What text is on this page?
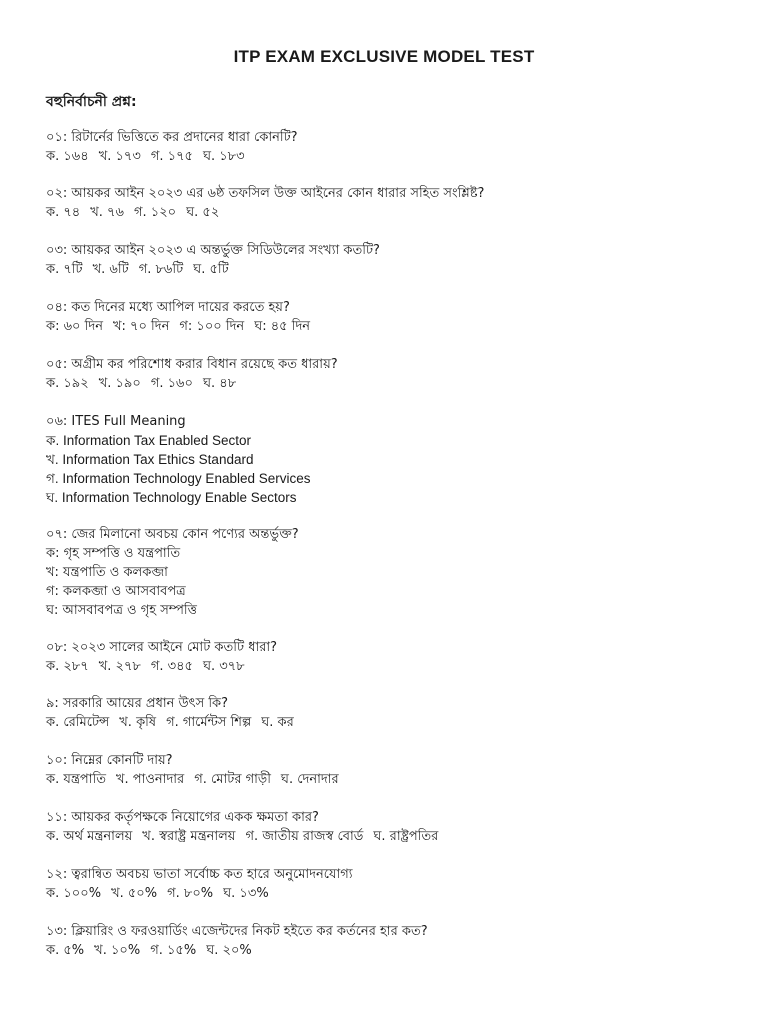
ITP EXAM EXCLUSIVE MODEL TEST
বহুনির্বাচনী প্রশ্ন:
০১: রিটার্নের ভিত্তিতে কর প্রদানের ধারা কোনটি?
ক. ১৬৪ খ. ১৭৩ গ. ১৭৫ ঘ. ১৮৩
০২: আয়কর আইন ২০২৩ এর ৬ষ্ঠ তফসিল উক্ত আইনের কোন ধারার সহিত সংশ্লিষ্ট?
ক. ৭৪ খ. ৭৬ গ. ১২০ ঘ. ৫২
০৩: আয়কর আইন ২০২৩ এ অন্তর্ভুক্ত সিডিউলের সংখ্যা কতটি?
ক. ৭টি খ. ৬টি গ. ৮৬টি ঘ. ৫টি
০৪: কত দিনের মধ্যে আপিল দায়ের করতে হয়?
ক: ৬০ দিন খ: ৭০ দিন গ: ১০০ দিন ঘ: ৪৫ দিন
০৫: অগ্রীম কর পরিশোধ করার বিধান রয়েছে কত ধারায়?
ক. ১৯২ খ. ১৯০ গ. ১৬০ ঘ. ৪৮
০৬: ITES Full Meaning
ক. Information Tax Enabled Sector
খ. Information Tax Ethics Standard
গ. Information Technology Enabled Services
ঘ. Information Technology Enable Sectors
০৭: জের মিলানো অবচয় কোন পণ্যের অন্তর্ভুক্ত?
ক: গৃহ সম্পত্তি ও যন্ত্রপাতি
খ: যন্ত্রপাতি ও কলকব্জা
গ: কলকব্জা ও আসবাবপত্র
ঘ: আসবাবপত্র ও গৃহ সম্পত্তি
০৮: ২০২৩ সালের আইনে মোট কতটি ধারা?
ক. ২৮৭ খ. ২৭৮ গ. ৩৪৫ ঘ. ৩৭৮
৯: সরকারি আয়ের প্রধান উৎস কি?
ক. রেমিটেন্স খ. কৃষি গ. গার্মেন্টস শিল্প ঘ. কর
১০: নিম্নের কোনটি দায়?
ক. যন্ত্রপাতি খ. পাওনাদার গ. মোটর গাড়ী ঘ. দেনাদার
১১: আয়কর কর্তৃপক্ষকে নিয়োগের একক ক্ষমতা কার?
ক. অর্থ মন্ত্রনালয় খ. স্বরাষ্ট্র মন্ত্রনালয় গ. জাতীয় রাজস্ব বোর্ড ঘ. রাষ্ট্রপতির
১২: ত্বরান্বিত অবচয় ভাতা সর্বোচ্চ কত হারে অনুমোদনযোগ্য
ক. ১০০% খ. ৫০% গ. ৮০% ঘ. ১৩%
১৩: ক্লিয়ারিং ও ফরওয়ার্ডিং এজেন্টদের নিকট হইতে কর কর্তনের হার কত?
ক. ৫% খ. ১০% গ. ১৫% ঘ. ২০%
